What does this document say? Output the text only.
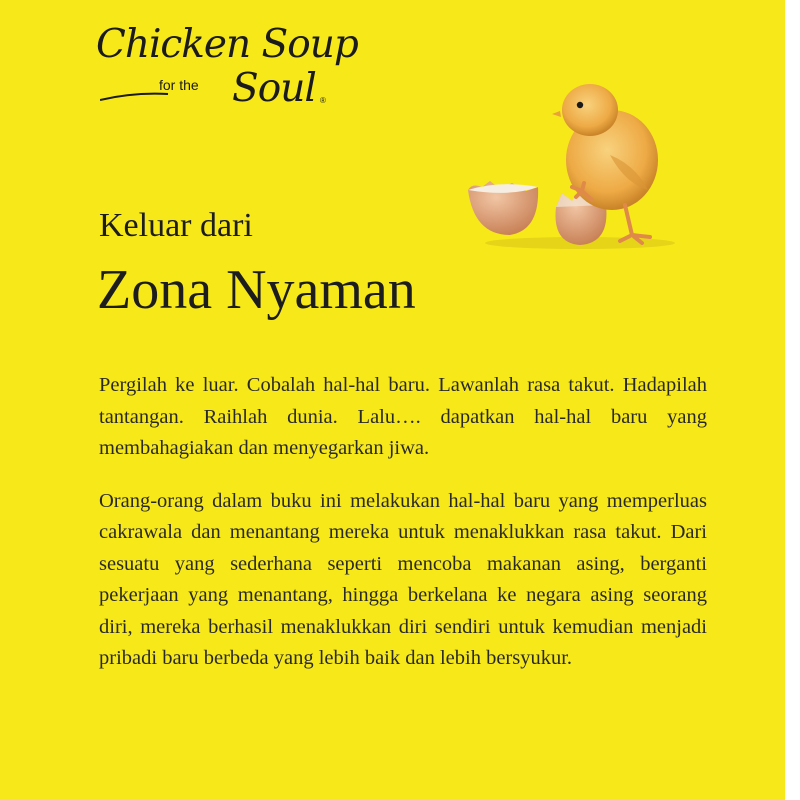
Chicken Soup
for the Soul ®
Keluar dari
Zona Nyaman

Pergilah ke luar. Cobalah hal-hal baru. Lawanlah rasa takut. Hadapilah tantangan. Raihlah dunia. Lalu…. dapatkan hal-hal baru yang membahagiakan dan menyegarkan jiwa.

Orang-orang dalam buku ini melakukan hal-hal baru yang memperluas cakrawala dan menantang mereka untuk menaklukkan rasa takut. Dari sesuatu yang sederhana seperti mencoba makanan asing, berganti pekerjaan yang menantang, hingga berkelana ke negara asing seorang diri, mereka berhasil menaklukkan diri sendiri untuk kemudian menjadi pribadi baru berbeda yang lebih baik dan lebih bersyukur.
